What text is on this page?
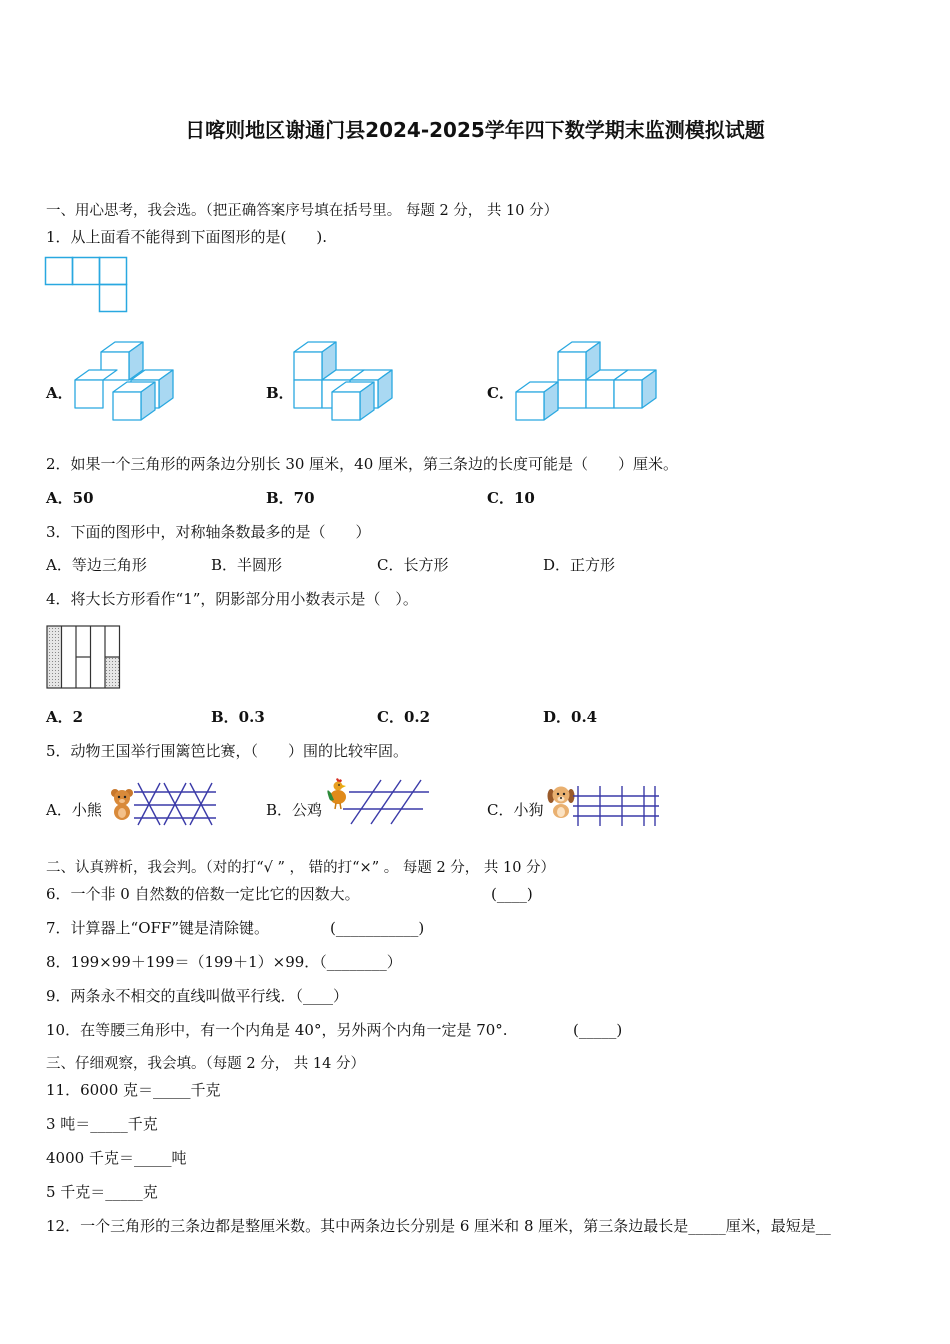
日喀则地区谢通门县2024-2025学年四下数学期末监测模拟试题
一、用心思考，我会选。（把正确答案序号填在括号里。 每题 2 分， 共 10 分）
1．从上面看不能得到下面图形的是(　　).
A．	B．	C．
2．如果一个三角形的两条边分别长 30 厘米，40 厘米，第三条边的长度可能是（　　）厘米。
A．50	B．70	C．10
3．下面的图形中，对称轴条数最多的是（　　）
A．等边三角形	B．半圆形	C．长方形	D．正方形
4．将大长方形看作“1”，阴影部分用小数表示是（　）。
A．2	B．0.3	C．0.2	D．0.4
5．动物王国举行围篱笆比赛，（　　）围的比较牢固。
A．小熊	B．公鸡	C．小狗
二、认真辨析，我会判。（对的打“√ ” ， 错的打“×” 。 每题 2 分， 共 10 分）
6．一个非 0 自然数的倍数一定比它的因数大。	(____)
7．计算器上“OFF”键是清除键。	(___________)
8．199×99＋199＝（199＋1）×99．（________）
9．两条永不相交的直线叫做平行线．（____）
10．在等腰三角形中，有一个内角是 40°，另外两个内角一定是 70°.	(_____)
三、仔细观察，我会填。（每题 2 分， 共 14 分）
11．6000 克＝_____千克
3 吨＝_____千克
4000 千克＝_____吨
5 千克＝_____克
12．一个三角形的三条边都是整厘米数。其中两条边长分别是 6 厘米和 8 厘米，第三条边最长是_____厘米，最短是__
